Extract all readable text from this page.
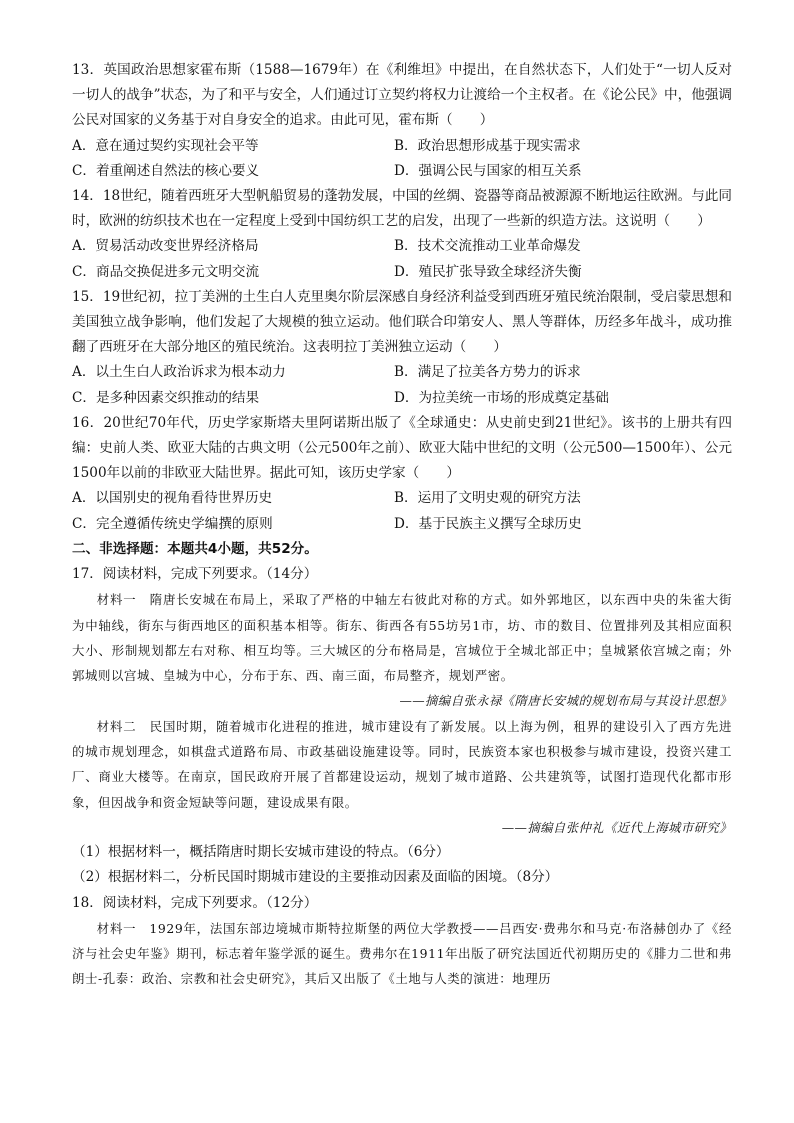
13．英国政治思想家霍布斯（1588—1679年）在《利维坦》中提出，在自然状态下，人们处于“一切人反对一切人的战争”状态，为了和平与安全，人们通过订立契约将权力让渡给一个主权者。在《论公民》中，他强调公民对国家的义务基于对自身安全的追求。由此可见，霍布斯（　　）

A．意在通过契约实现社会平等	B．政治思想形成基于现实需求
C．着重阐述自然法的核心要义	D．强调公民与国家的相互关系

14．18世纪，随着西班牙大型帆船贸易的蓬勃发展，中国的丝绸、瓷器等商品被源源不断地运往欧洲。与此同时，欧洲的纺织技术也在一定程度上受到中国纺织工艺的启发，出现了一些新的织造方法。这说明（　　）

A．贸易活动改变世界经济格局	B．技术交流推动工业革命爆发
C．商品交换促进多元文明交流	D．殖民扩张导致全球经济失衡

15．19世纪初，拉丁美洲的土生白人克里奥尔阶层深感自身经济利益受到西班牙殖民统治限制，受启蒙思想和美国独立战争影响，他们发起了大规模的独立运动。他们联合印第安人、黑人等群体，历经多年战斗，成功推翻了西班牙在大部分地区的殖民统治。这表明拉丁美洲独立运动（　　）

A．以土生白人政治诉求为根本动力	B．满足了拉美各方势力的诉求
C．是多种因素交织推动的结果	D．为拉美统一市场的形成奠定基础

16．20世纪70年代，历史学家斯塔夫里阿诺斯出版了《全球通史：从史前史到21世纪》。该书的上册共有四编：史前人类、欧亚大陆的古典文明（公元500年之前）、欧亚大陆中世纪的文明（公元500—1500年）、公元1500年以前的非欧亚大陆世界。据此可知，该历史学家（　　）

A．以国别史的视角看待世界历史	B．运用了文明史观的研究方法
C．完全遵循传统史学编撰的原则	D．基于民族主义撰写全球历史

二、非选择题：本题共4小题，共52分。

17．阅读材料，完成下列要求。（14分）

材料一　隋唐长安城在布局上，采取了严格的中轴左右彼此对称的方式。如外郭地区，以东西中央的朱雀大街为中轴线，街东与街西地区的面积基本相等。街东、街西各有55坊另1市，坊、市的数目、位置排列及其相应面积大小、形制规划都左右对称、相互均等。三大城区的分布格局是，宫城位于全城北部正中；皇城紧依宫城之南；外郭城则以宫城、皇城为中心，分布于东、西、南三面，布局整齐，规划严密。

——摘编自张永禄《隋唐长安城的规划布局与其设计思想》

材料二　民国时期，随着城市化进程的推进，城市建设有了新发展。以上海为例，租界的建设引入了西方先进的城市规划理念，如棋盘式道路布局、市政基础设施建设等。同时，民族资本家也积极参与城市建设，投资兴建工厂、商业大楼等。在南京，国民政府开展了首都建设运动，规划了城市道路、公共建筑等，试图打造现代化都市形象，但因战争和资金短缺等问题，建设成果有限。

——摘编自张仲礼《近代上海城市研究》

（1）根据材料一，概括隋唐时期长安城市建设的特点。（6分）

（2）根据材料二，分析民国时期城市建设的主要推动因素及面临的困境。（8分）

18．阅读材料，完成下列要求。（12分）

材料一　1929年，法国东部边境城市斯特拉斯堡的两位大学教授——吕西安·费弗尔和马克·布洛赫创办了《经济与社会史年鉴》期刊，标志着年鉴学派的诞生。费弗尔在1911年出版了研究法国近代初期历史的《腓力二世和弗朗士-孔泰：政治、宗教和社会史研究》，其后又出版了《土地与人类的演进：地理历
